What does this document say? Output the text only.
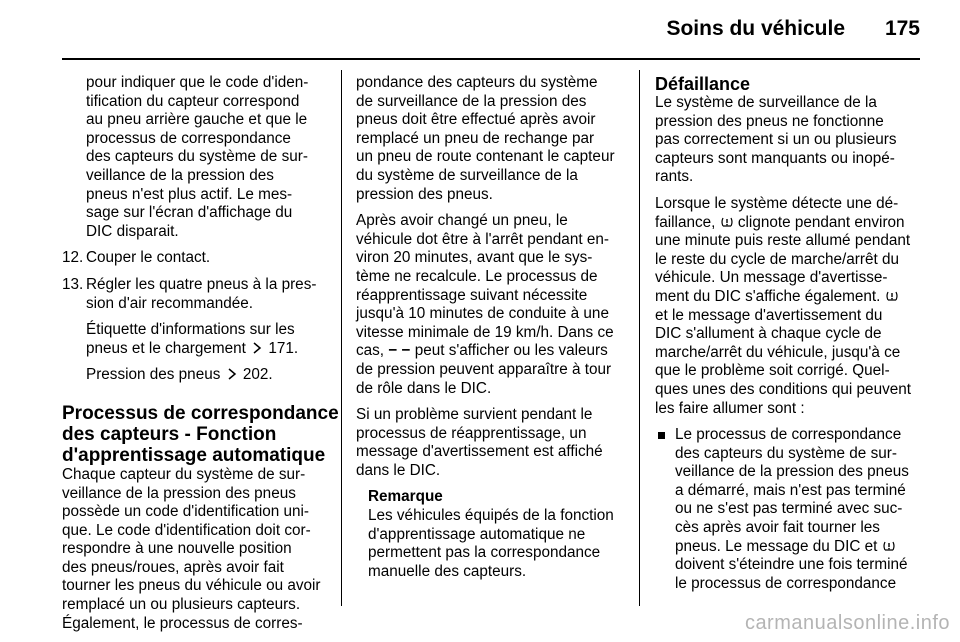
Soins du véhicule 175
pour indiquer que le code d'iden-
tification du capteur correspond
au pneu arrière gauche et que le
processus de correspondance
des capteurs du système de sur-
veillance de la pression des
pneus n'est plus actif. Le mes-
sage sur l'écran d'affichage du
DIC disparait.
12. Couper le contact.
13. Régler les quatre pneus à la pres-
sion d'air recommandée.
Étiquette d'informations sur les
pneus et le chargement 171.
Pression des pneus 202.
Processus de correspondance
des capteurs - Fonction
d'apprentissage automatique
Chaque capteur du système de sur-
veillance de la pression des pneus
possède un code d'identification uni-
que. Le code d'identification doit cor-
respondre à une nouvelle position
des pneus/roues, après avoir fait
tourner les pneus du véhicule ou avoir
remplacé un ou plusieurs capteurs.
Également, le processus de corres-
pondance des capteurs du système
de surveillance de la pression des
pneus doit être effectué après avoir
remplacé un pneu de rechange par
un pneu de route contenant le capteur
du système de surveillance de la
pression des pneus.
Après avoir changé un pneu, le
véhicule dot être à l'arrêt pendant en-
viron 20 minutes, avant que le sys-
tème ne recalcule. Le processus de
réapprentissage suivant nécessite
jusqu'à 10 minutes de conduite à une
vitesse minimale de 19 km/h. Dans ce
cas, − − peut s'afficher ou les valeurs
de pression peuvent apparaître à tour
de rôle dans le DIC.
Si un problème survient pendant le
processus de réapprentissage, un
message d'avertissement est affiché
dans le DIC.
Remarque
Les véhicules équipés de la fonction
d'apprentissage automatique ne
permettent pas la correspondance
manuelle des capteurs.
Défaillance
Le système de surveillance de la
pression des pneus ne fonctionne
pas correctement si un ou plusieurs
capteurs sont manquants ou inopé-
rants.
Lorsque le système détecte une dé-
faillance, clignote pendant environ
une minute puis reste allumé pendant
le reste du cycle de marche/arrêt du
véhicule. Un message d'avertisse-
ment du DIC s'affiche également.
et le message d'avertissement du
DIC s'allument à chaque cycle de
marche/arrêt du véhicule, jusqu'à ce
que le problème soit corrigé. Quel-
ques unes des conditions qui peuvent
les faire allumer sont :
Le processus de correspondance
des capteurs du système de sur-
veillance de la pression des pneus
a démarré, mais n'est pas terminé
ou ne s'est pas terminé avec suc-
cès après avoir fait tourner les
pneus. Le message du DIC et
doivent s'éteindre une fois terminé
le processus de correspondance
carmanualsonline.info
